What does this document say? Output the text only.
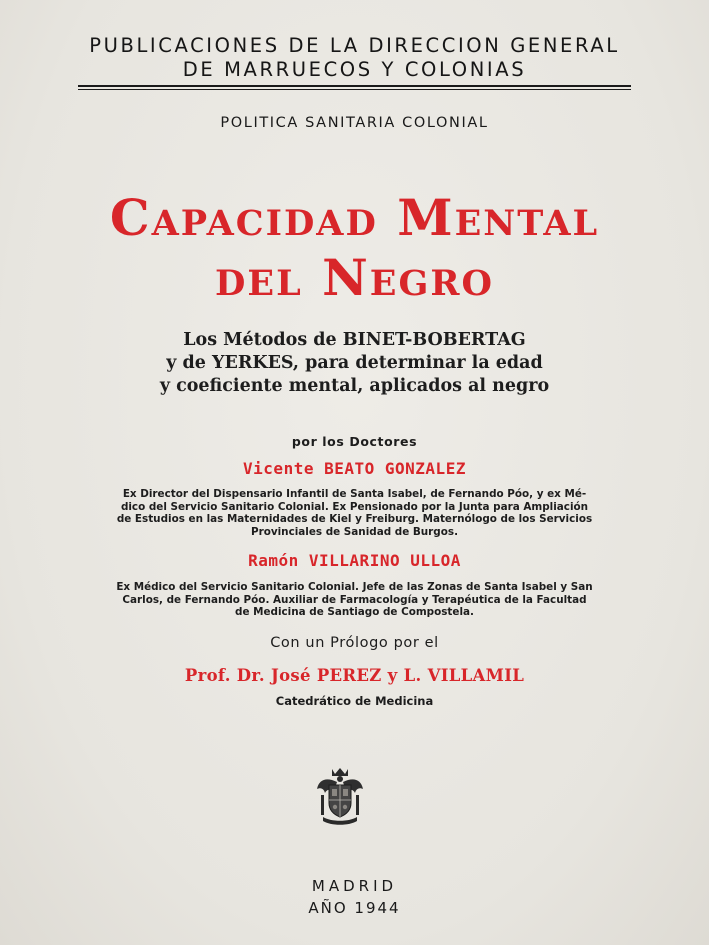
PUBLICACIONES DE LA DIRECCION GENERAL
DE MARRUECOS Y COLONIAS
POLITICA SANITARIA COLONIAL
Capacidad Mental
del Negro
Los Métodos de BINET-BOBERTAG
y de YERKES, para determinar la edad
y coeficiente mental, aplicados al negro
por los Doctores
Vicente BEATO GONZALEZ
Ex Director del Dispensario Infantil de Santa Isabel, de Fernando Póo, y ex Mé-
dico del Servicio Sanitario Colonial. Ex Pensionado por la Junta para Ampliación
de Estudios en las Maternidades de Kiel y Freiburg. Maternólogo de los Servicios
Provinciales de Sanidad de Burgos.
Ramón VILLARINO ULLOA
Ex Médico del Servicio Sanitario Colonial. Jefe de las Zonas de Santa Isabel y San
Carlos, de Fernando Póo. Auxiliar de Farmacología y Terapéutica de la Facultad
de Medicina de Santiago de Compostela.
Con un Prólogo por el
Prof. Dr. José PEREZ y L. VILLAMIL
Catedrático de Medicina
MADRID
AÑO 1944
